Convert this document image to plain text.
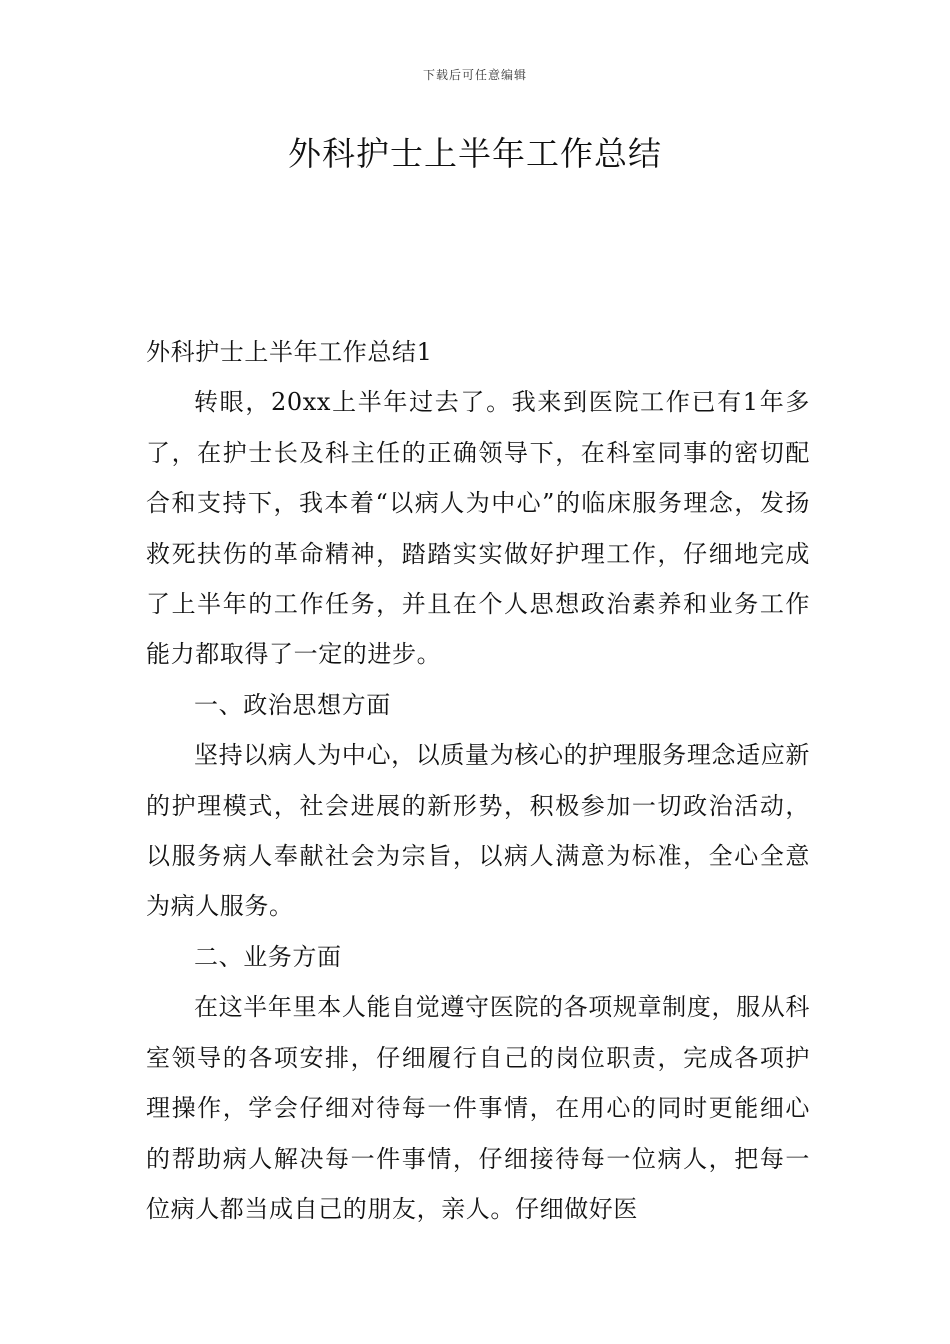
下载后可任意编辑
外科护士上半年工作总结

外科护士上半年工作总结1

转眼，20xx上半年过去了。我来到医院工作已有1年多了，在护士长及科主任的正确领导下，在科室同事的密切配合和支持下，我本着“以病人为中心”的临床服务理念，发扬救死扶伤的革命精神，踏踏实实做好护理工作，仔细地完成了上半年的工作任务，并且在个人思想政治素养和业务工作能力都取得了一定的进步。

一、政治思想方面

坚持以病人为中心，以质量为核心的护理服务理念适应新的护理模式，社会进展的新形势，积极参加一切政治活动，以服务病人奉献社会为宗旨，以病人满意为标准，全心全意为病人服务。

二、业务方面

在这半年里本人能自觉遵守医院的各项规章制度，服从科室领导的各项安排，仔细履行自己的岗位职责，完成各项护理操作，学会仔细对待每一件事情，在用心的同时更能细心的帮助病人解决每一件事情，仔细接待每一位病人，把每一位病人都当成自己的朋友，亲人。仔细做好医
